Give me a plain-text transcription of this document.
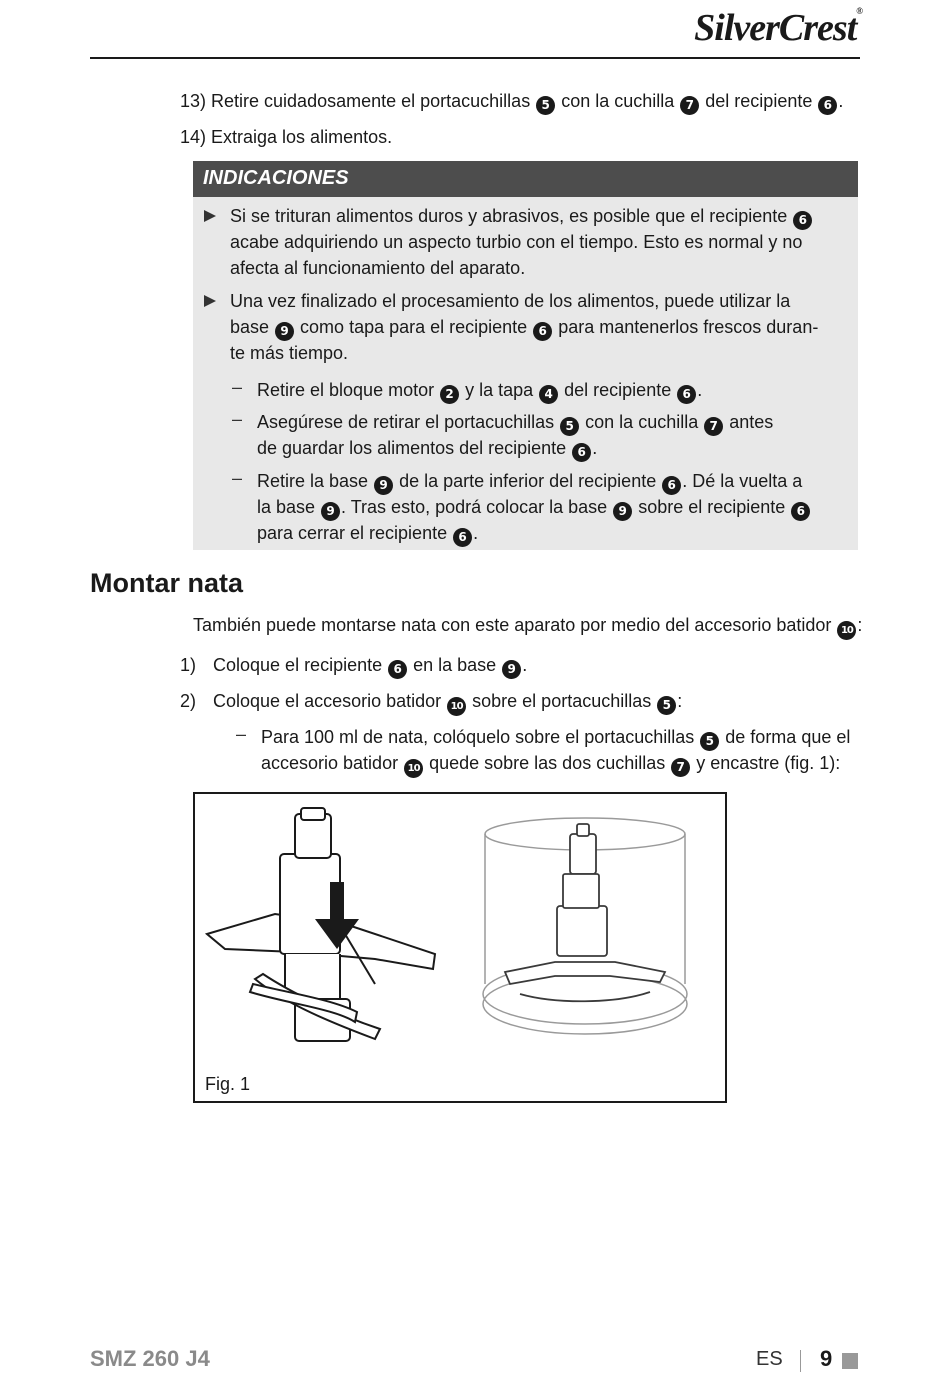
SilverCrest®
13) Retire cuidadosamente el portacuchillas 5 con la cuchilla 7 del recipiente 6 .
14) Extraiga los alimentos.
INDICACIONES
Si se trituran alimentos duros y abrasivos, es posible que el recipiente 6
acabe adquiriendo un aspecto turbio con el tiempo. Esto es normal y no
afecta al funcionamiento del aparato.
Una vez finalizado el procesamiento de los alimentos, puede utilizar la
base 9 como tapa para el recipiente 6 para mantenerlos frescos duran-
te más tiempo.
– Retire el bloque motor 2 y la tapa 4 del recipiente 6 .
– Asegúrese de retirar el portacuchillas 5 con la cuchilla 7 antes
de guardar los alimentos del recipiente 6 .
– Retire la base 9 de la parte inferior del recipiente 6 . Dé la vuelta a
la base 9 . Tras esto, podrá colocar la base 9 sobre el recipiente 6
para cerrar el recipiente 6 .
Montar nata
También puede montarse nata con este aparato por medio del accesorio batidor 10 :
1) Coloque el recipiente 6 en la base 9 .
2) Coloque el accesorio batidor 10 sobre el portacuchillas 5 :
– Para 100 ml de nata, colóquelo sobre el portacuchillas 5 de forma que el
accesorio batidor 10 quede sobre las dos cuchillas 7 y encastre (fig. 1):
Fig. 1
SMZ 260 J4	ES 9
